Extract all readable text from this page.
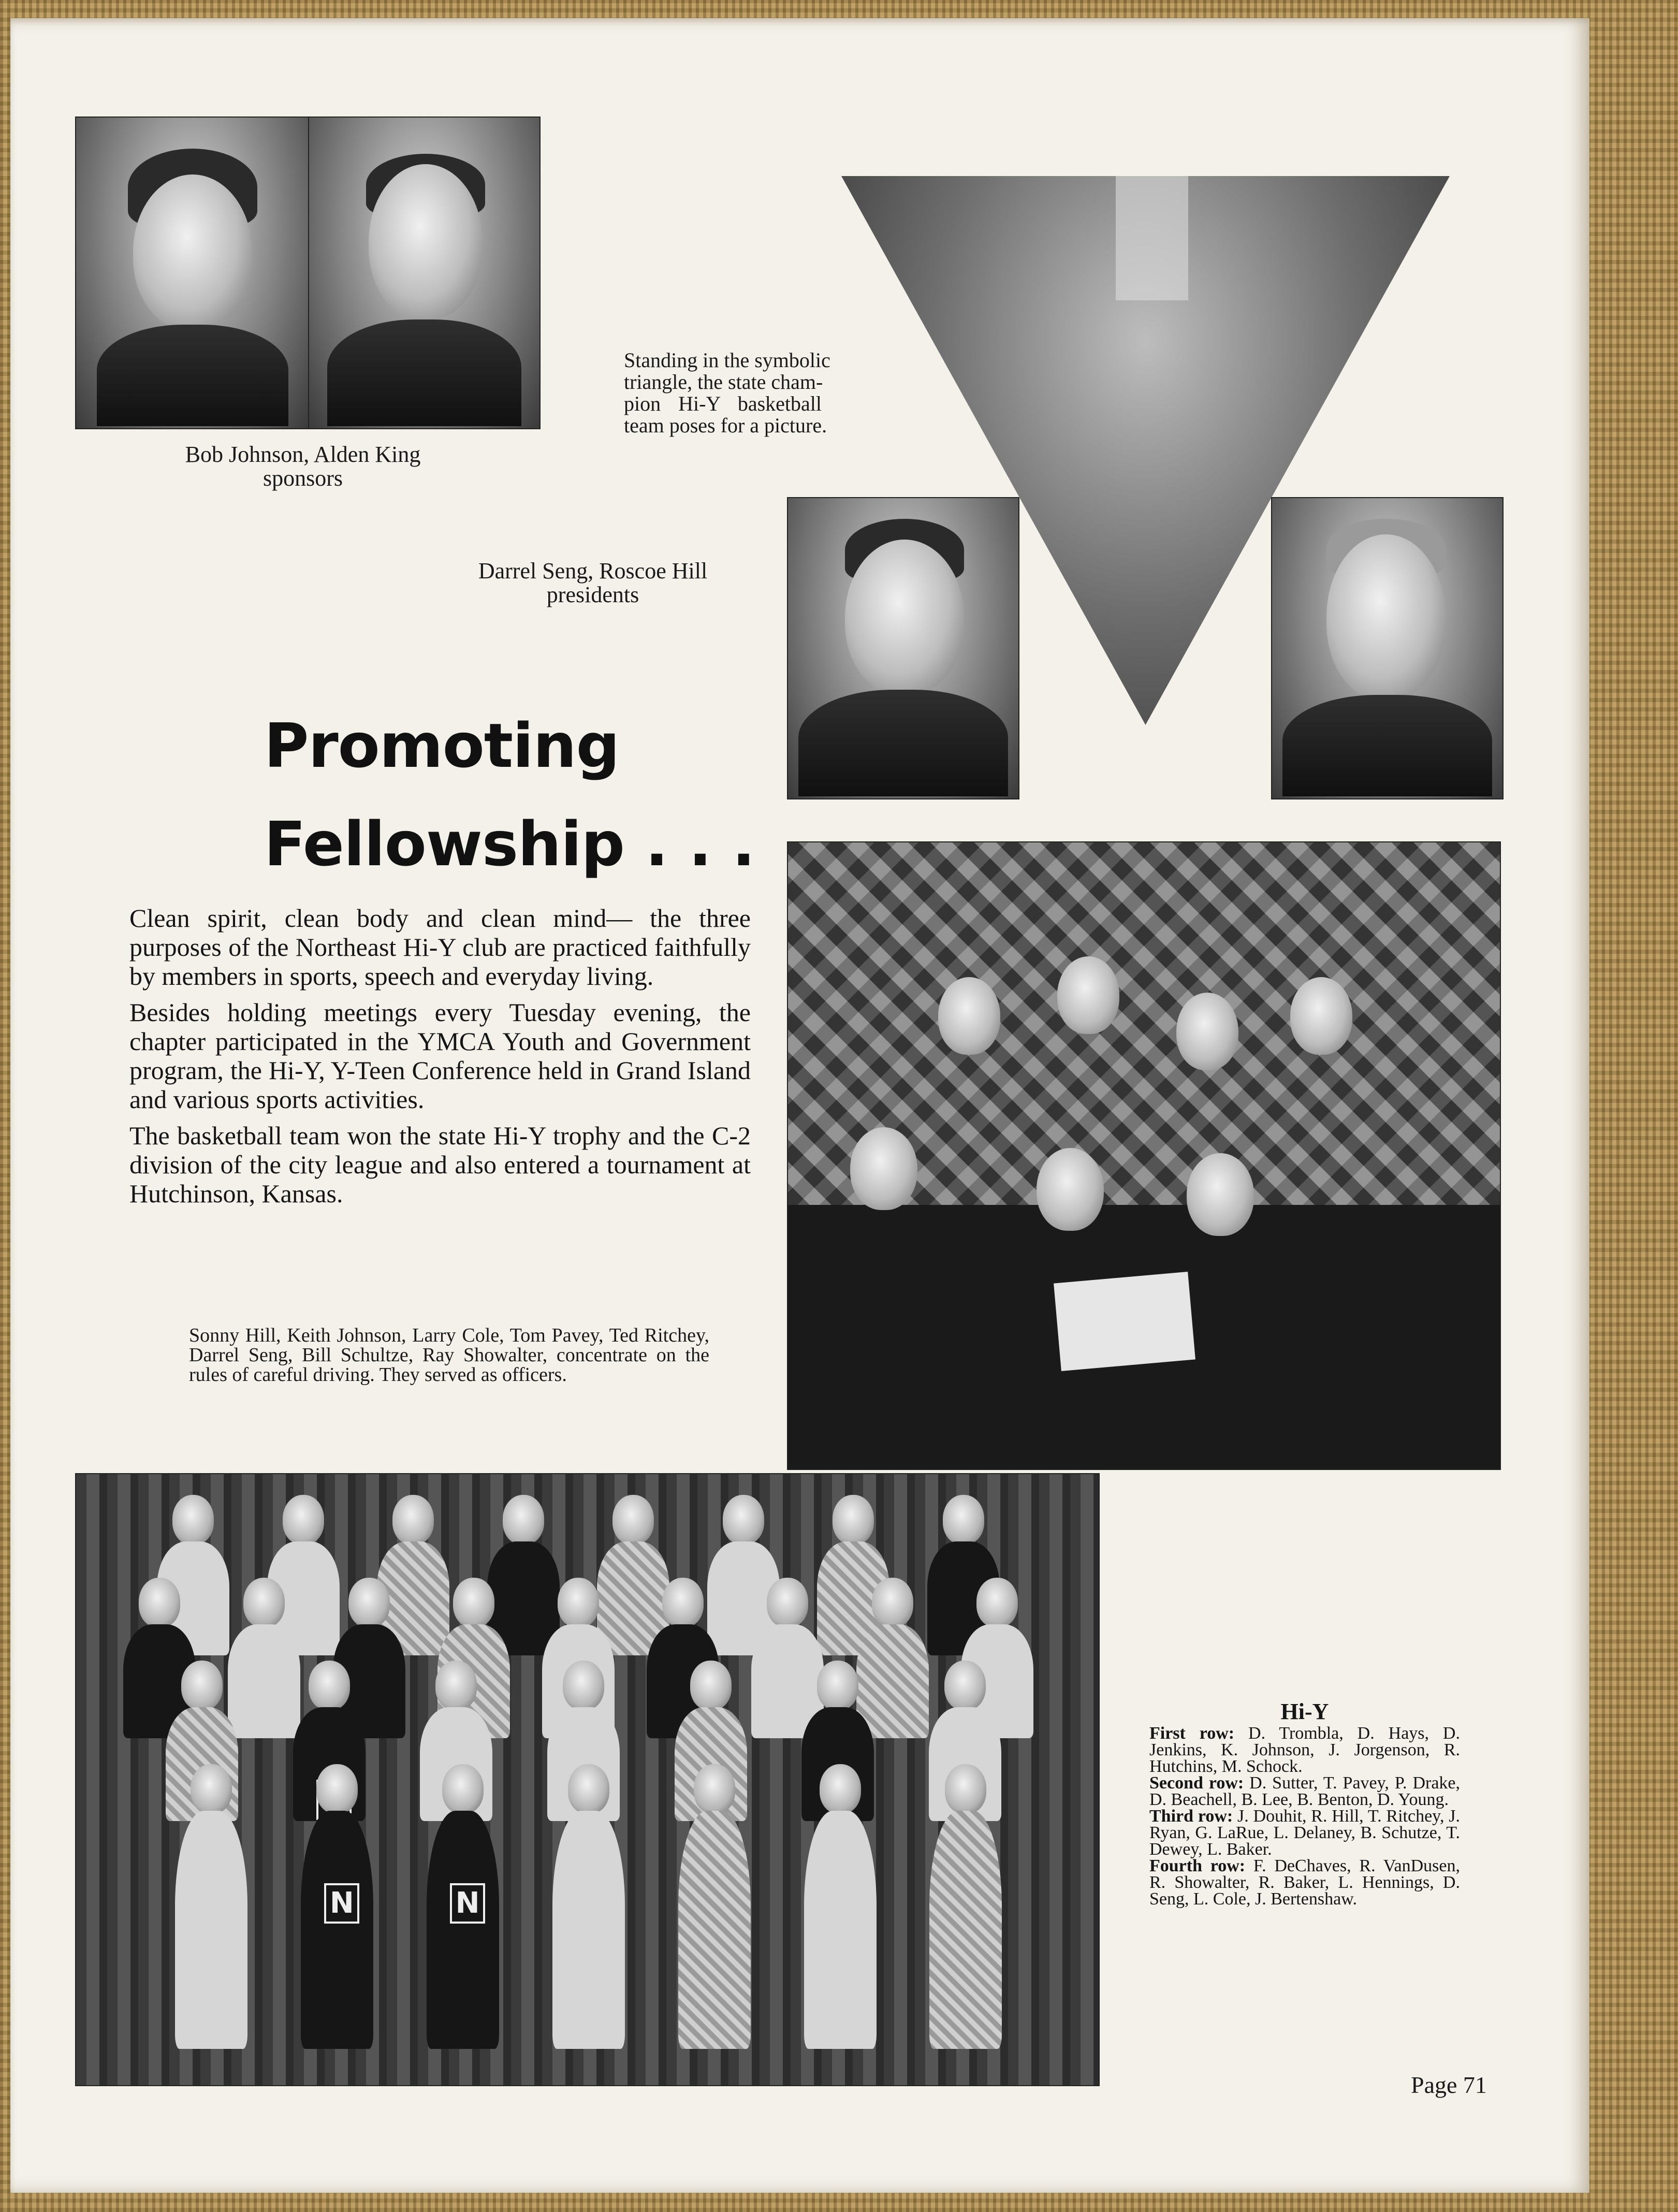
Bob Johnson, Alden King
sponsors
Standing in the symbolic
triangle, the state cham-
pion Hi-Y basketball
team poses for a picture.
Darrel Seng, Roscoe Hill
presidents
Promoting
Fellowship . . .

Clean spirit, clean body and clean mind— the three purposes of the Northeast Hi-Y club are practiced faithfully by members in sports, speech and everyday living.

Besides holding meetings every Tuesday evening, the chapter participated in the YMCA Youth and Government program, the Hi-Y, Y-Teen Conference held in Grand Island and various sports activities.

The basketball team won the state Hi-Y trophy and the C-2 division of the city league and also entered a tournament at Hutchinson, Kansas.

Sonny Hill, Keith Johnson, Larry Cole, Tom Pavey, Ted Ritchey, Darrel Seng, Bill Schultze, Ray Showalter, concentrate on the rules of careful driving. They served as officers.
N	N
Hi-Y
First row: D. Trombla, D. Hays, D. Jenkins, K. Johnson, J. Jorgenson, R. Hutchins, M. Schock.
Second row: D. Sutter, T. Pavey, P. Drake, D. Beachell, B. Lee, B. Benton, D. Young.
Third row: J. Douhit, R. Hill, T. Ritchey, J. Ryan, G. LaRue, L. Delaney, B. Schutze, T. Dewey, L. Baker.
Fourth row: F. DeChaves, R. VanDusen, R. Showalter, R. Baker, L. Hennings, D. Seng, L. Cole, J. Bertenshaw.
Page 71
